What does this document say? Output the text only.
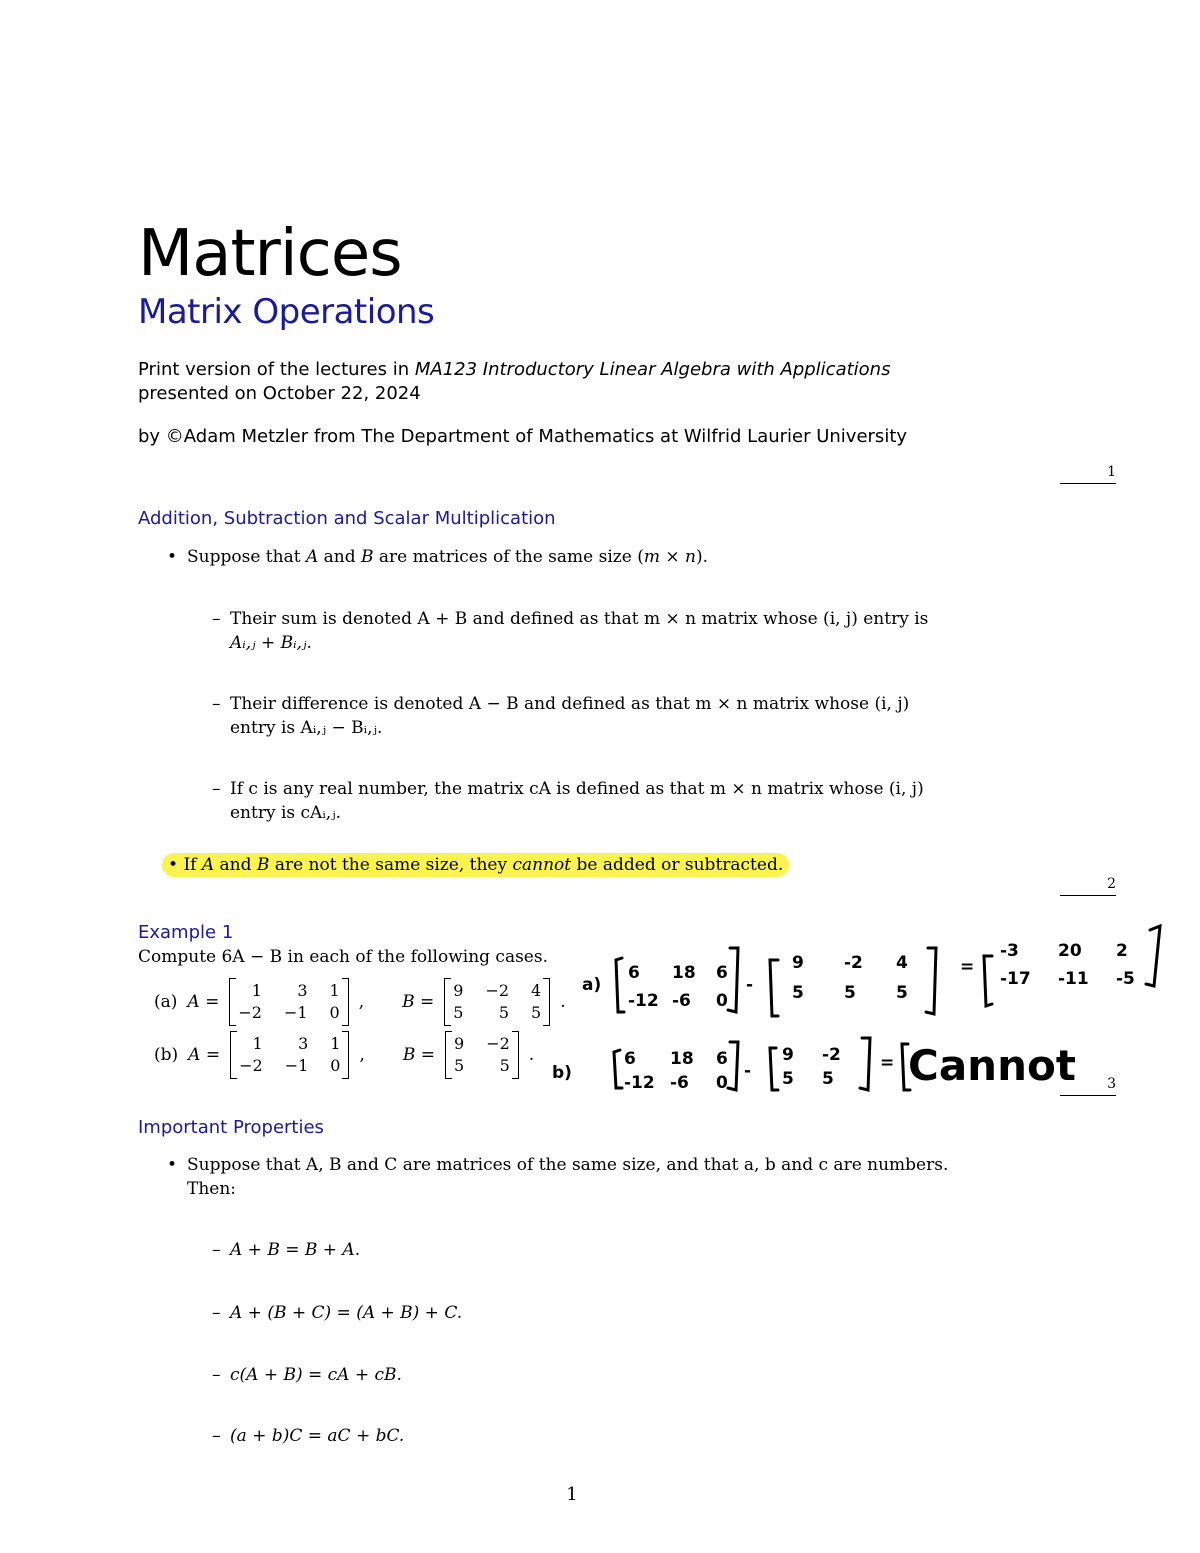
Matrices
Matrix Operations
Print version of the lectures in MA123 Introductory Linear Algebra with Applications
presented on October 22, 2024
by ©Adam Metzler from The Department of Mathematics at Wilfrid Laurier University
1
Addition, Subtraction and Scalar Multiplication
• Suppose that A and B are matrices of the same size (m × n).
– Their sum is denoted A + B and defined as that m × n matrix whose (i, j) entry is
Aᵢ,ⱼ + Bᵢ,ⱼ.
– Their difference is denoted A − B and defined as that m × n matrix whose (i, j)
entry is Aᵢ,ⱼ − Bᵢ,ⱼ.
– If c is any real number, the matrix cA is defined as that m × n matrix whose (i, j)
entry is cAᵢ,ⱼ.
• If A and B are not the same size, they cannot be added or subtracted.
2
Example 1
Compute 6A − B in each of the following cases.
(a) A =
1	3 1
−2 −1 0
, B =
9 −2 4
5	5 5
.
(b) A =
1	3 1
−2 −1 0
, B =
9 −2
5	5
.
a)
6 18 6
-12 -6 0
-
9 -2 4
5 5 5
=
-3 20 2
-17 -11 -5
b)
6 18 6
-12 -6 0
-
9 -2
5 5
= Cannot	3
Important Properties
• Suppose that A, B and C are matrices of the same size, and that a, b and c are numbers.
Then:
– A + B = B + A.
– A + (B + C) = (A + B) + C.
– c(A + B) = cA + cB.
– (a + b)C = aC + bC.
1
